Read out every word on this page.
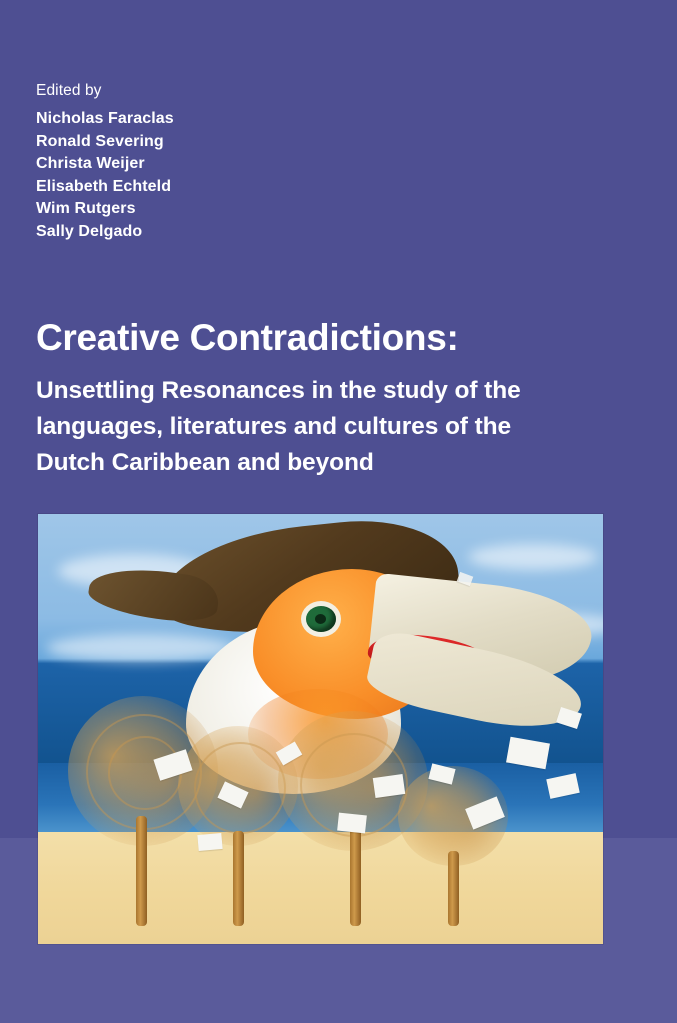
Edited by
Nicholas Faraclas
Ronald Severing
Christa Weijer
Elisabeth Echteld
Wim Rutgers
Sally Delgado
Creative Contradictions:
Unsettling Resonances in the study of the
languages, literatures and cultures of the
Dutch Caribbean and beyond
